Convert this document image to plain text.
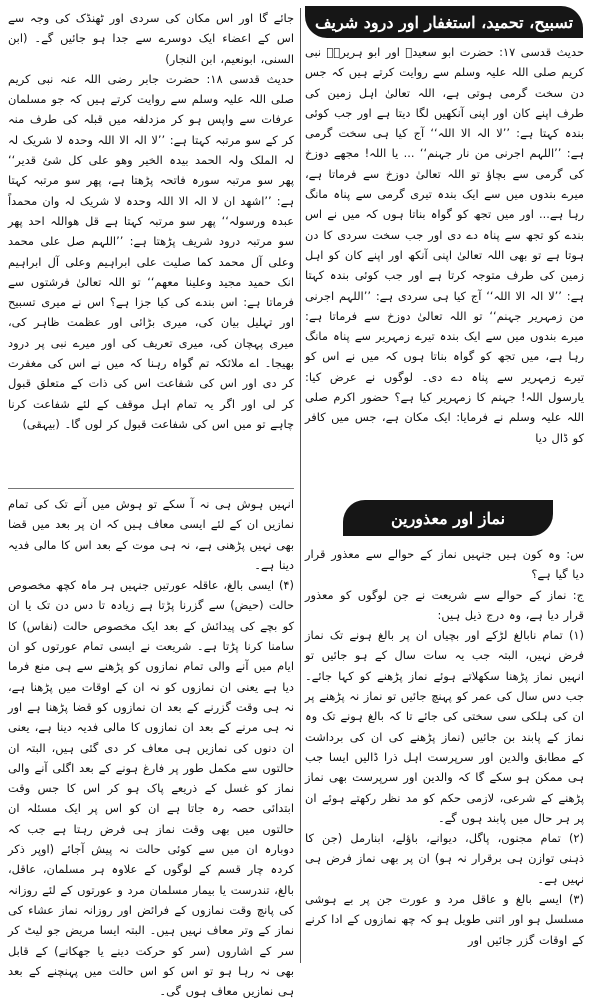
تسبیح، تحمید، استغفار اور درود شریف

حدیث قدسی ۱۷: حضرت ابو سعیدؓ اور ابو ہریرہؓ نبی کریم صلی اللہ علیہ وسلم سے روایت کرتے ہیں کہ جس دن سخت گرمی ہوتی ہے، اللہ تعالیٰ اہل زمین کی طرف اپنے کان اور اپنی آنکھیں لگا دیتا ہے اور جب کوئی بندہ کہتا ہے: ’’لا الہ الا اللہ‘‘ آج کیا ہی سخت گرمی ہے: ’’اللہم اجرنی من نار جہنم‘‘ ... یا اللہ! مجھے دوزخ کی گرمی سے بچاؤ تو اللہ تعالیٰ دوزخ سے فرماتا ہے، میرے بندوں میں سے ایک بندہ تیری گرمی سے پناہ مانگ رہا ہے... اور میں تجھ کو گواہ بناتا ہوں کہ میں نے اس بندے کو تجھ سے پناہ دے دی اور جب سخت سردی کا دن ہوتا ہے تو بھی اللہ تعالیٰ اپنی آنکھ اور اپنے کان کو اہل زمین کی طرف متوجہ کرتا ہے اور جب کوئی بندہ کہتا ہے: ’’لا الہ الا اللہ‘‘ آج کیا ہی سردی ہے: ’’اللہم اجرنی من زمہریر جہنم‘‘ تو اللہ تعالیٰ دوزخ سے فرماتا ہے: میرے بندوں میں سے ایک بندہ تیرے زمہریر سے پناہ مانگ رہا ہے، میں تجھ کو گواہ بناتا ہوں کہ میں نے اس کو تیرے زمہریر سے پناہ دے دی۔ لوگوں نے عرض کیا: یارسول اللہ! جہنم کا زمہریر کیا ہے؟ حضور اکرم صلی اللہ علیہ وسلم نے فرمایا: ایک مکان ہے، جس میں کافر کو ڈال دیا

جائے گا اور اس مکان کی سردی اور ٹھنڈک کی وجہ سے اس کے اعضاء ایک دوسرے سے جدا ہو جائیں گے۔ (ابن السنی، ابونعیم، ابن النجار)

حدیث قدسی ۱۸: حضرت جابر رضی اللہ عنہ نبی کریم صلی اللہ علیہ وسلم سے روایت کرتے ہیں کہ جو مسلمان عرفات سے واپس ہو کر مزدلفہ میں قبلہ کی طرف منہ کر کے سو مرتبہ کہتا ہے: ’’لا الہ الا اللہ وحدہ لا شریک لہ لہ الملک ولہ الحمد بیدہ الخیر وھو علی کل شیٔ قدیر‘‘ پھر سو مرتبہ سورہ فاتحہ پڑھتا ہے، پھر سو مرتبہ کہتا ہے: ’’اشھد ان لا الہ الا اللہ وحدہ لا شریک لہ وان محمداً عبدہ ورسولہ‘‘ پھر سو مرتبہ کہتا ہے قل ھواللہ احد پھر سو مرتبہ درود شریف پڑھتا ہے: ’’اللہم صل علی محمد وعلی آل محمد کما صلیت علی ابراہیم وعلی آل ابراہیم انک حمید مجید وعلینا معھم‘‘ تو اللہ تعالیٰ فرشتوں سے فرماتا ہے: اس بندے کی کیا جزا ہے؟ اس نے میری تسبیح اور تہلیل بیان کی، میری بڑائی اور عظمت ظاہر کی، میری پہچان کی، میری تعریف کی اور میرے نبی پر درود بھیجا۔ اے ملائکہ تم گواہ رہنا کہ میں نے اس کی مغفرت کر دی اور اس کی شفاعت اس کی ذات کے متعلق قبول کر لی اور اگر یہ تمام اہل موقف کے لئے شفاعت کرنا چاہے تو میں اس کی شفاعت قبول کر لوں گا۔ (بیہقی)

نماز اور معذورین

س: وہ کون ہیں جنہیں نماز کے حوالے سے معذور قرار دیا گیا ہے؟

ج: نماز کے حوالے سے شریعت نے جن لوگوں کو معذور قرار دیا ہے، وہ درج ذیل ہیں:

(۱) تمام نابالغ لڑکے اور بچیاں ان پر بالغ ہونے تک نماز فرض نہیں، البتہ جب یہ سات سال کے ہو جائیں تو انہیں نماز پڑھنا سکھلاتے ہوئے نماز پڑھنے کو کہا جائے۔ جب دس سال کی عمر کو پہنچ جائیں تو نماز نہ پڑھنے پر ان کی ہلکی سی سختی کی جائے تا کہ بالغ ہونے تک وہ نماز کے پابند بن جائیں (نماز پڑھنے کی ان کی برداشت کے مطابق والدین اور سرپرست اہل ذرا ڈالیں ایسا جب ہی ممکن ہو سکے گا کہ والدین اور سرپرست بھی نماز پڑھنے کے شرعی، لازمی حکم کو مد نظر رکھتے ہوئے ان پر ہر حال میں پابند ہوں گے۔

(۲) تمام مجنوں، پاگل، دیوانے، باؤلے، ابنارمل (جن کا ذہنی توازن ہی برقرار نہ ہو) ان پر بھی نماز فرض ہی نہیں ہے۔

(۳) ایسے بالغ و عاقل مرد و عورت جن پر بے ہوشی مسلسل ہو اور اتنی طویل ہو کہ چھ نمازوں کے ادا کرنے کے اوقات گزر جائیں اور

انہیں ہوش ہی نہ آ سکے تو ہوش میں آنے تک کی تمام نمازیں ان کے لئے ایسی معاف ہیں کہ ان پر بعد میں قضا بھی نہیں پڑھنی ہے، نہ ہی موت کے بعد اس کا مالی فدیہ دینا ہے۔

(۴) ایسی بالغ، عاقلہ عورتیں جنہیں ہر ماہ کچھ مخصوص حالت (حیض) سے گزرنا پڑتا ہے زیادہ تا دس دن تک یا ان کو بچے کی پیدائش کے بعد ایک مخصوص حالت (نفاس) کا سامنا کرنا پڑتا ہے۔ شریعت نے ایسی تمام عورتوں کو ان ایام میں آنے والی تمام نمازوں کو پڑھنے سے ہی منع فرما دیا ہے یعنی ان نمازوں کو نہ ان کے اوقات میں پڑھنا ہے، نہ ہی وقت گزرنے کے بعد ان نمازوں کو قضا پڑھنا ہے اور نہ ہی مرنے کے بعد ان نمازوں کا مالی فدیہ دینا ہے، یعنی ان دنوں کی نمازیں ہی معاف کر دی گئی ہیں، البتہ ان حالتوں سے مکمل طور پر فارغ ہونے کے بعد اگلی آنے والی نماز کو غسل کے ذریعے پاک ہو کر اس کا جس وقت ابتدائی حصہ رہ جاتا ہے ان کو اس پر ایک مسئلہ ان حالتوں میں بھی وقت نماز ہی فرض رہتا ہے جب کہ دوبارہ ان میں سے کوئی حالت نہ پیش آجائے (اوپر ذکر کردہ چار قسم کے لوگوں کے علاوہ ہر مسلمان، عاقل، بالغ، تندرست یا بیمار مسلمان مرد و عورتوں کے لئے روزانہ کی پانچ وقت نمازوں کے فرائض اور روزانہ نماز عشاء کی نماز کے وتر معاف نہیں ہیں۔ البتہ ایسا مریض جو لیٹ کر سر کے اشاروں (سر کو حرکت دینے یا جھکانے) کے قابل بھی نہ رہا ہو تو اس کو اس حالت میں پہنچنے کے بعد ہی نمازیں معاف ہوں گی۔
